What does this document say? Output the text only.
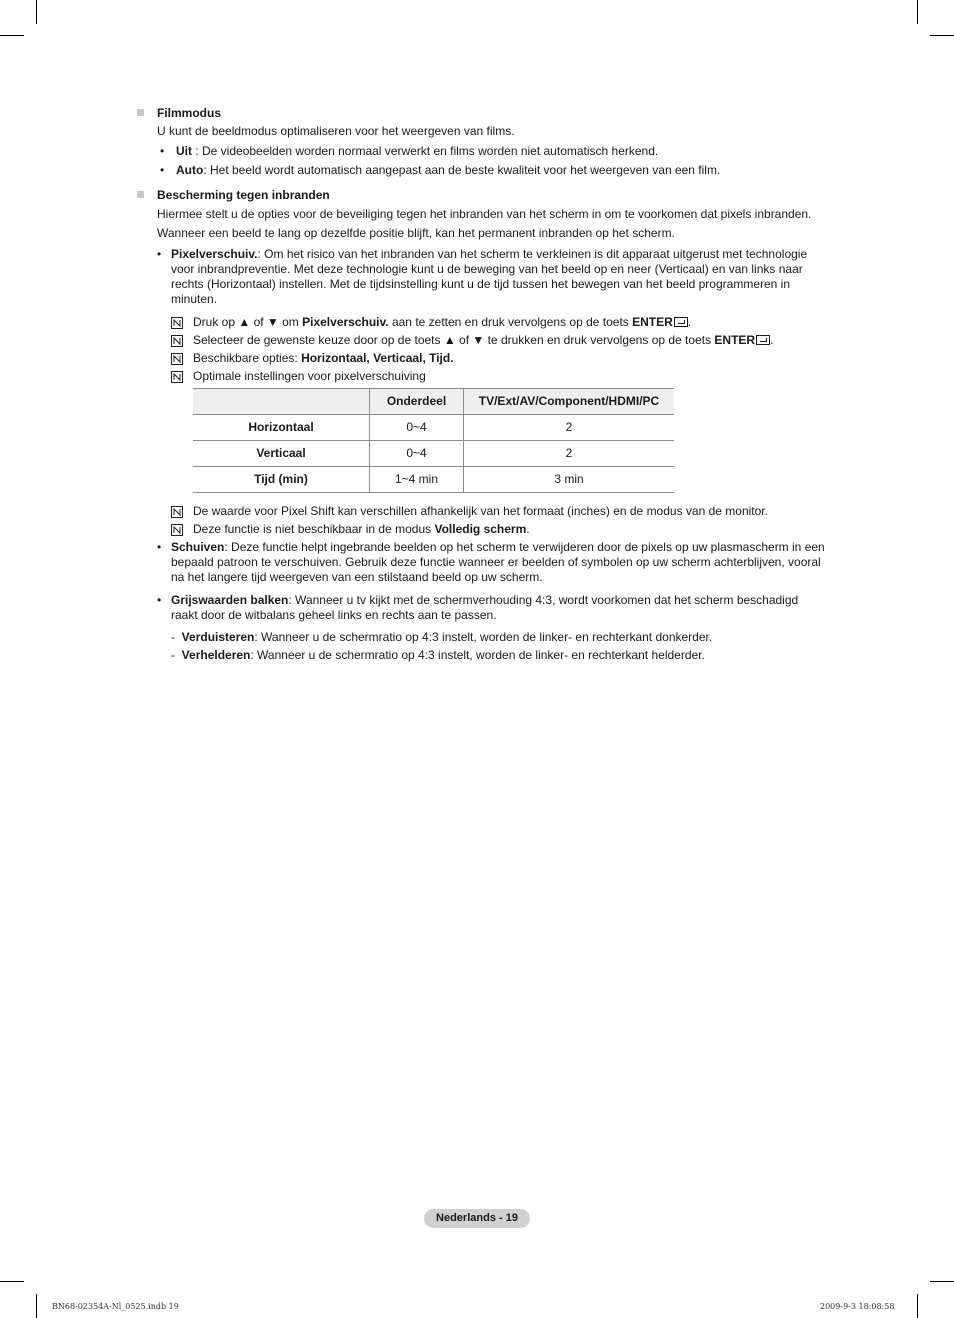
Filmmodus
U kunt de beeldmodus optimaliseren voor het weergeven van films.
• Uit : De videobeelden worden normaal verwerkt en films worden niet automatisch herkend.
• Auto: Het beeld wordt automatisch aangepast aan de beste kwaliteit voor het weergeven van een film.
Bescherming tegen inbranden
Hiermee stelt u de opties voor de beveiliging tegen het inbranden van het scherm in om te voorkomen dat pixels inbranden.
Wanneer een beeld te lang op dezelfde positie blijft, kan het permanent inbranden op het scherm.
• Pixelverschuiv.: Om het risico van het inbranden van het scherm te verkleinen is dit apparaat uitgerust met technologie
voor inbrandpreventie. Met deze technologie kunt u de beweging van het beeld op en neer (Verticaal) en van links naar
rechts (Horizontaal) instellen. Met de tijdsinstelling kunt u de tijd tussen het bewegen van het beeld programmeren in
minuten.
Druk op ▲ of ▼ om Pixelverschuiv. aan te zetten en druk vervolgens op de toets ENTER .
Selecteer de gewenste keuze door op de toets ▲ of ▼ te drukken en druk vervolgens op de toets ENTER .
Beschikbare opties: Horizontaal, Verticaal, Tijd.
Optimale instellingen voor pixelverschuiving
	Onderdeel	TV/Ext/AV/Component/HDMI/PC
Horizontaal	0~4	2
Verticaal	0~4	2
Tijd (min)	1~4 min	3 min
De waarde voor Pixel Shift kan verschillen afhankelijk van het formaat (inches) en de modus van de monitor.
Deze functie is niet beschikbaar in de modus Volledig scherm.
• Schuiven: Deze functie helpt ingebrande beelden op het scherm te verwijderen door de pixels op uw plasmascherm in een
bepaald patroon te verschuiven. Gebruik deze functie wanneer er beelden of symbolen op uw scherm achterblijven, vooral
na het langere tijd weergeven van een stilstaand beeld op uw scherm.
• Grijswaarden balken: Wanneer u tv kijkt met de schermverhouding 4:3, wordt voorkomen dat het scherm beschadigd
raakt door de witbalans geheel links en rechts aan te passen.
-  Verduisteren: Wanneer u de schermratio op 4:3 instelt, worden de linker- en rechterkant donkerder.
-  Verhelderen: Wanneer u de schermratio op 4:3 instelt, worden de linker- en rechterkant helderder.
Nederlands - 19
BN68-02354A-Nl_0525.indb 19	2009-9-3 18:08:58
